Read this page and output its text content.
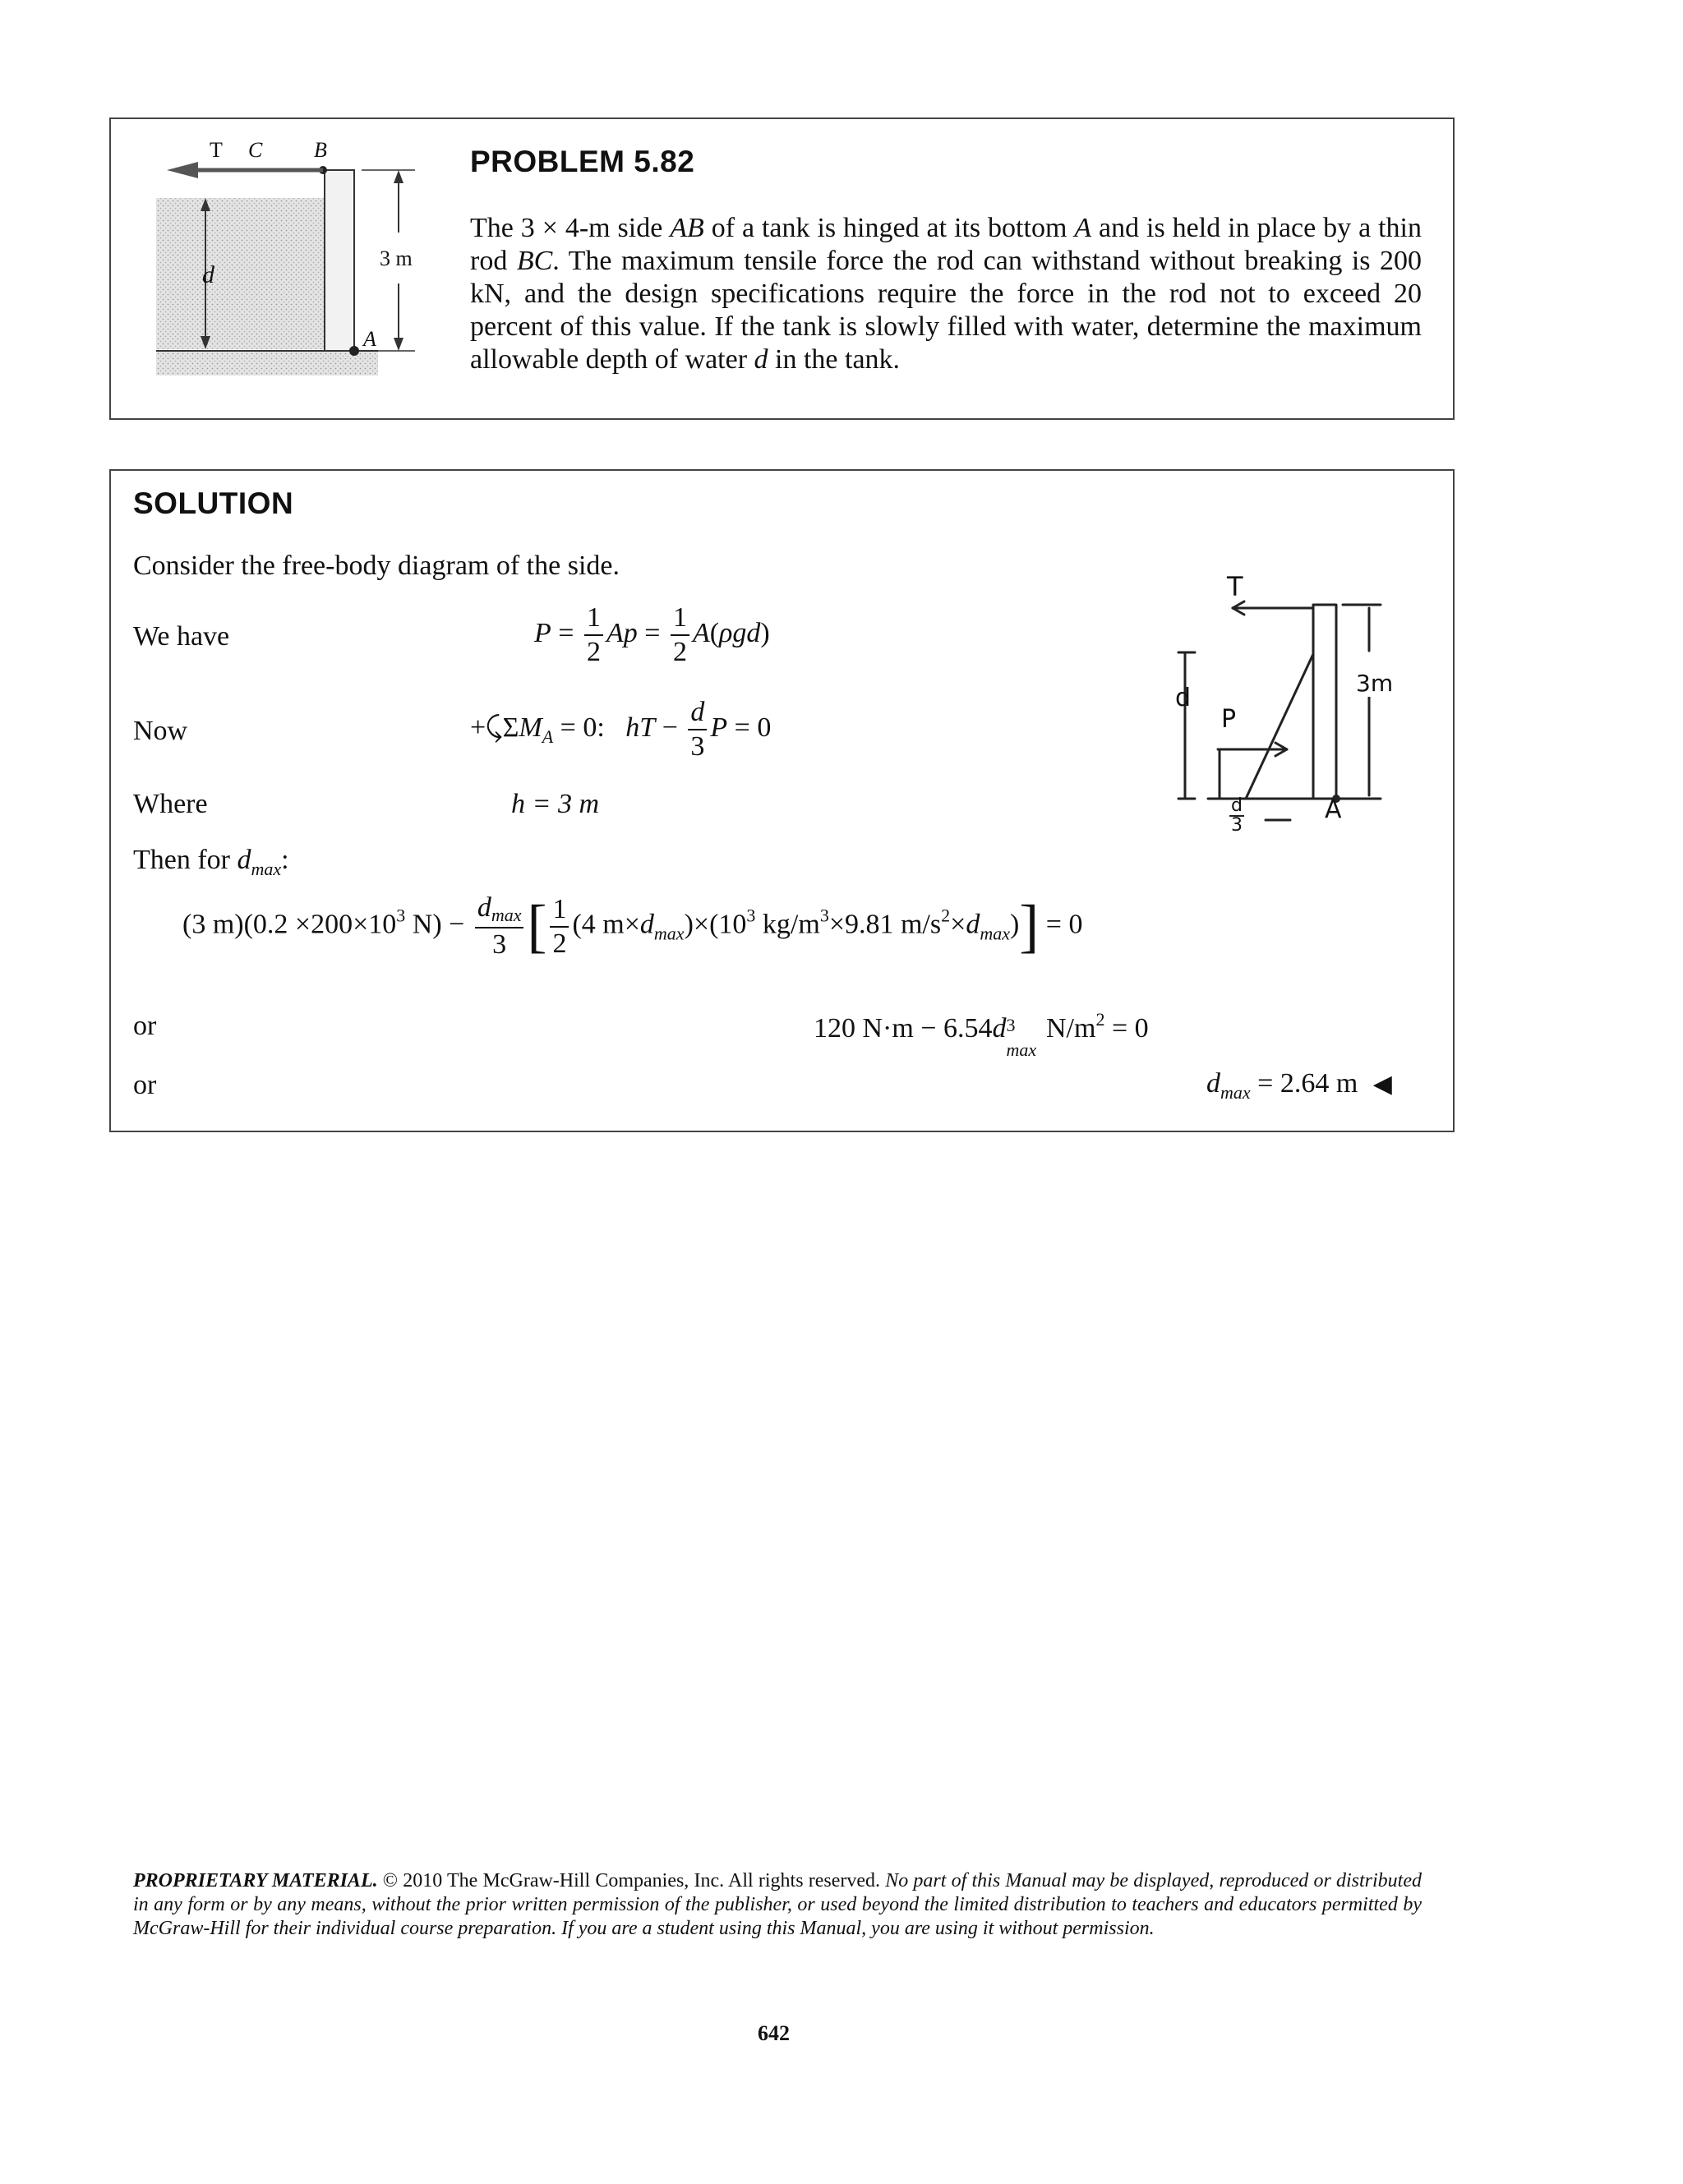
T C B
d
3 m
A
PROBLEM 5.82
The 3 × 4-m side AB of a tank is hinged at its bottom A and is held in place by a thin rod BC. The maximum tensile force the rod can withstand without breaking is 200 kN, and the design specifications require the force in the rod not to exceed 20 percent of this value. If the tank is slowly filled with water, determine the maximum allowable depth of water d in the tank.
SOLUTION
Consider the free-body diagram of the side.
We have	$P = \frac{1}{2}$ $Ap = \frac{1}{2} A(\rho gd)$
Now	$+⤹\Sigma M_A = 0$:   hT − $\frac{d}{3}$ P = 0
Where	h = 3 m
Then for $d_{max}$:
(3 $m)(0.2 \times 200\times 10^3$ $N) - \frac{d_{max}}{3}$ [ $\frac{1}{2} (4$ $m\times d_{max})\times(10^3$ $kg/m^3\times 9.81$ $m/s^2\times d_{max})] = 0$
or	120 N·m − 6.54d 3
max
$N/m^2 = 0$
or	$d_{max} = 2.64$ m ◀
T
d
P
3m
d
3
A
PROPRIETARY MATERIAL. © 2010 The McGraw-Hill Companies, Inc. All rights reserved. No part of this Manual may be displayed, reproduced or distributed in any form or by any means, without the prior written permission of the publisher, or used beyond the limited distribution to teachers and educators permitted by McGraw-Hill for their individual course preparation. If you are a student using this Manual, you are using it without permission.
642
